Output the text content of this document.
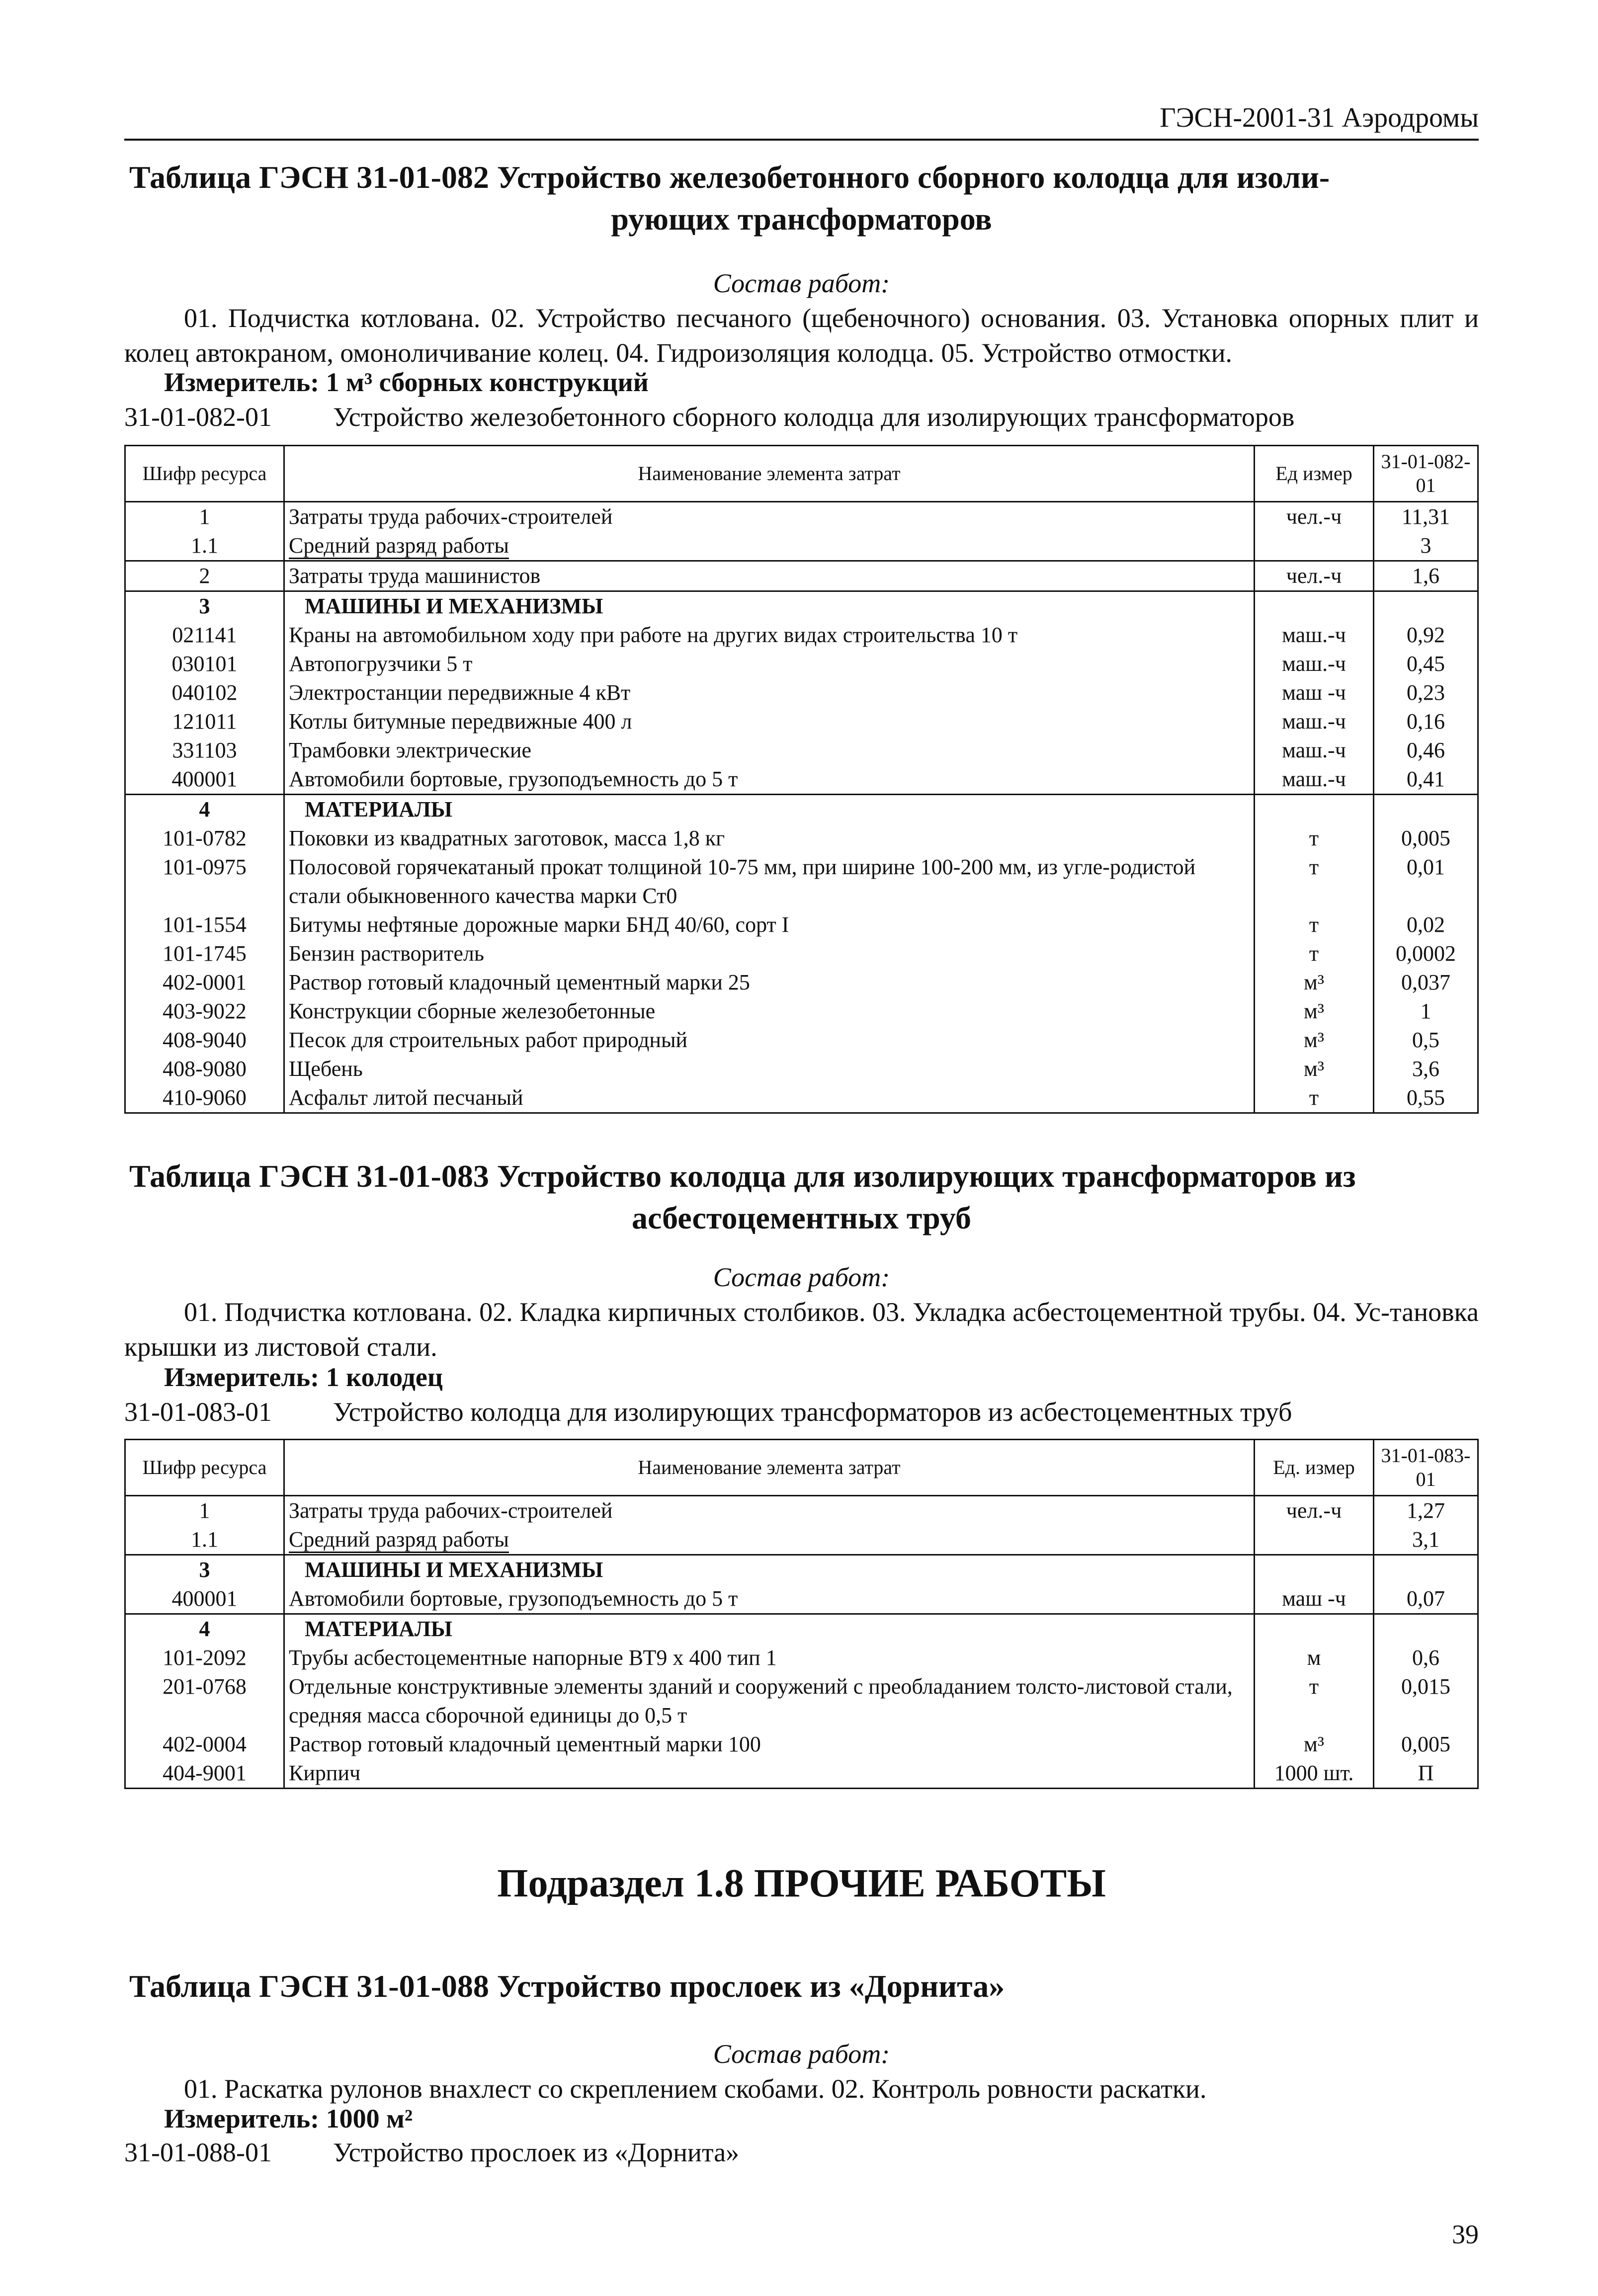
ГЭСН-2001-31 Аэродромы
Таблица ГЭСН 31-01-082 Устройство железобетонного сборного колодца для изоли-
рующих трансформаторов
Состав работ:
01. Подчистка котлована. 02. Устройство песчаного (щебеночного) основания. 03. Установка опорных плит и колец автокраном, омоноличивание колец. 04. Гидроизоляция колодца. 05. Устройство отмостки.
Измеритель: 1 м³ сборных конструкций
31-01-082-01 Устройство железобетонного сборного колодца для изолирующих трансформаторов
Шифр ресурса	Наименование элемента затрат	Ед измер	31-01-082-01
1	Затраты труда рабочих-строителей	чел.-ч	11,31
1.1	Средний разряд работы		3
2	Затраты труда машинистов	чел.-ч	1,6
3	МАШИНЫ И МЕХАНИЗМЫ		
021141	Краны на автомобильном ходу при работе на других видах строительства 10 т	маш.-ч	0,92
030101	Автопогрузчики 5 т	маш.-ч	0,45
040102	Электростанции передвижные 4 кВт	маш -ч	0,23
121011	Котлы битумные передвижные 400 л	маш.-ч	0,16
331103	Трамбовки электрические	маш.-ч	0,46
400001	Автомобили бортовые, грузоподъемность до 5 т	маш.-ч	0,41
4	МАТЕРИАЛЫ		
101-0782	Поковки из квадратных заготовок, масса 1,8 кг	т	0,005
101-0975	Полосовой горячекатаный прокат толщиной 10-75 мм, при ширине 100-200 мм, из угле-родистой стали обыкновенного качества марки Ст0	т	0,01
101-1554	Битумы нефтяные дорожные марки БНД 40/60, сорт I	т	0,02
101-1745	Бензин растворитель	т	0,0002
402-0001	Раствор готовый кладочный цементный марки 25	м³	0,037
403-9022	Конструкции сборные железобетонные	м³	1
408-9040	Песок для строительных работ природный	м³	0,5
408-9080	Щебень	м³	3,6
410-9060	Асфальт литой песчаный	т	0,55
Таблица ГЭСН 31-01-083 Устройство колодца для изолирующих трансформаторов из
асбестоцементных труб
Состав работ:
01. Подчистка котлована. 02. Кладка кирпичных столбиков. 03. Укладка асбестоцементной трубы. 04. Ус-тановка крышки из листовой стали.
Измеритель: 1 колодец
31-01-083-01 Устройство колодца для изолирующих трансформаторов из асбестоцементных труб
Шифр ресурса	Наименование элемента затрат	Ед. измер	31-01-083-01
1	Затраты труда рабочих-строителей	чел.-ч	1,27
1.1	Средний разряд работы		3,1
3	МАШИНЫ И МЕХАНИЗМЫ		
400001	Автомобили бортовые, грузоподъемность до 5 т	маш -ч	0,07
4	МАТЕРИАЛЫ		
101-2092	Трубы асбестоцементные напорные ВТ9 х 400 тип 1	м	0,6
201-0768	Отдельные конструктивные элементы зданий и сооружений с преобладанием толсто-листовой стали, средняя масса сборочной единицы до 0,5 т	т	0,015
402-0004	Раствор готовый кладочный цементный марки 100	м³	0,005
404-9001	Кирпич	1000 шт.	П
Подраздел 1.8 ПРОЧИЕ РАБОТЫ
Таблица ГЭСН 31-01-088 Устройство прослоек из «Дорнита»
Состав работ:
01. Раскатка рулонов внахлест со скреплением скобами. 02. Контроль ровности раскатки.
Измеритель: 1000 м²
31-01-088-01 Устройство прослоек из «Дорнита»
39
